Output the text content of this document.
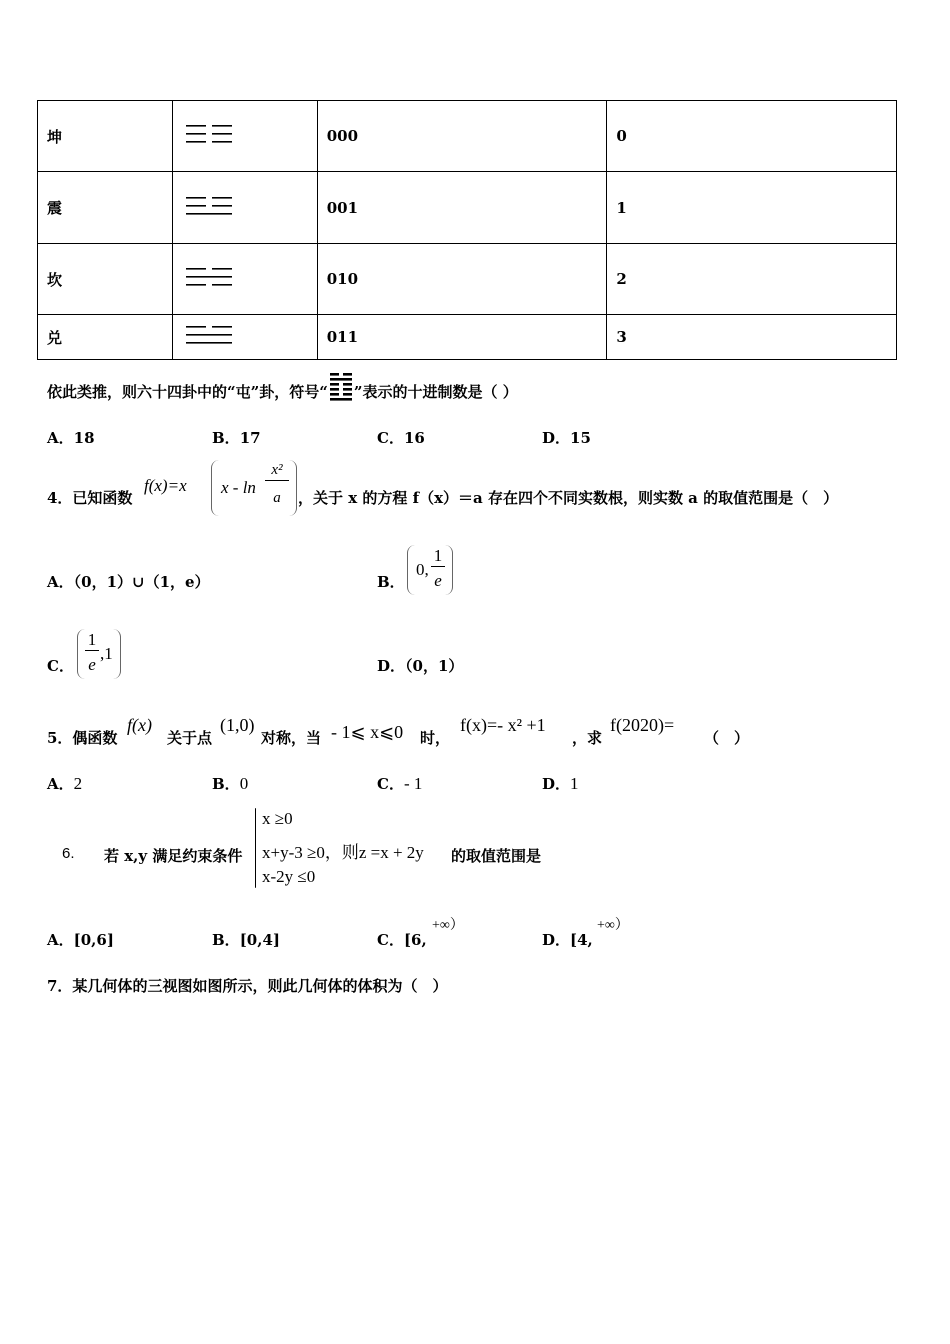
坤		000	0
震		001	1
坎		010	2
兑		011	3
依此类推，则六十四卦中的“屯”卦，符号“ ”表示的十进制数是（ ）
A．18	B．17	C．16	D．15
4．已知函数
f(x)=x x - ln
x²
a	，关于 x 的方程 f（x）＝a 存在四个不同实数根，则实数 a 的取值范围是（　）
A．（0，1）∪（1，e）	B．
0,
1
e
C．
1
e
,1
D．（0，1）
5．偶函数
f(x)
关于点
(1,0)
对称，当 - 1⩽ x⩽0 时，
f(x)=- x² +1
，求
f(2020)=
（　）
A．2	B．0	C．- 1	D．1
6. 若 x,y 满足约束条件
x ≥0
x+y-3 ≥0，则z =x + 2y
x-2y ≤0
的取值范围是
A．[0,6]	B．[0,4]	C．[6,
+∞）
D．[4,
+∞）
7．某几何体的三视图如图所示，则此几何体的体积为（　）
